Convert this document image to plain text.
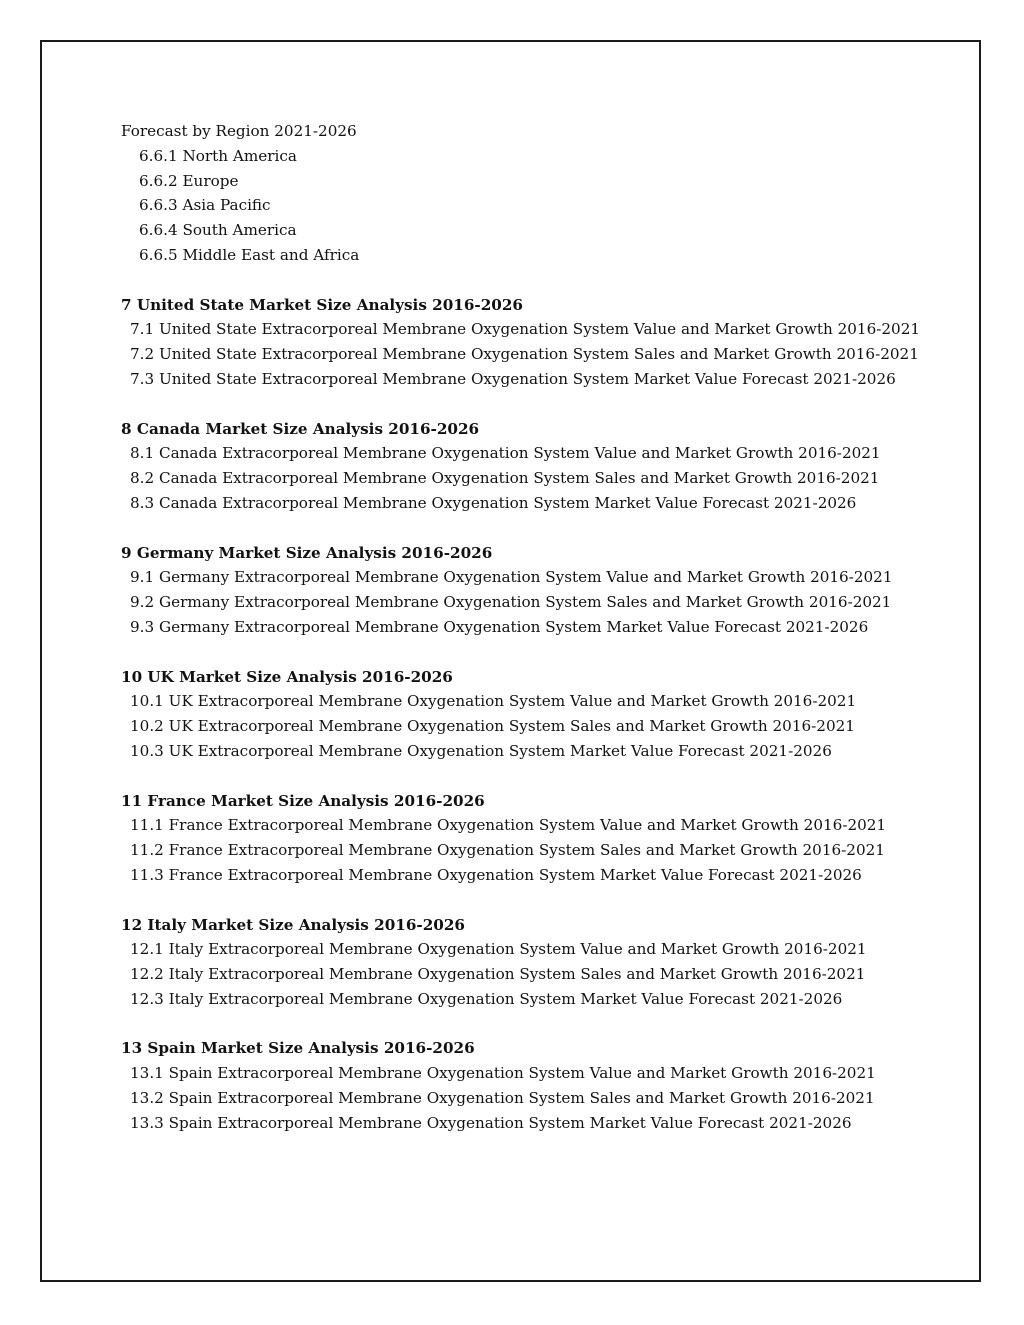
Forecast by Region 2021-2026
6.6.1 North America
6.6.2 Europe
6.6.3 Asia Pacific
6.6.4 South America
6.6.5 Middle East and Africa
7 United State Market Size Analysis 2016-2026
7.1 United State Extracorporeal Membrane Oxygenation System Value and Market Growth 2016-2021
7.2 United State Extracorporeal Membrane Oxygenation System Sales and Market Growth 2016-2021
7.3 United State Extracorporeal Membrane Oxygenation System Market Value Forecast 2021-2026
8 Canada Market Size Analysis 2016-2026
8.1 Canada Extracorporeal Membrane Oxygenation System Value and Market Growth 2016-2021
8.2 Canada Extracorporeal Membrane Oxygenation System Sales and Market Growth 2016-2021
8.3 Canada Extracorporeal Membrane Oxygenation System Market Value Forecast 2021-2026
9 Germany Market Size Analysis 2016-2026
9.1 Germany Extracorporeal Membrane Oxygenation System Value and Market Growth 2016-2021
9.2 Germany Extracorporeal Membrane Oxygenation System Sales and Market Growth 2016-2021
9.3 Germany Extracorporeal Membrane Oxygenation System Market Value Forecast 2021-2026
10 UK Market Size Analysis 2016-2026
10.1 UK Extracorporeal Membrane Oxygenation System Value and Market Growth 2016-2021
10.2 UK Extracorporeal Membrane Oxygenation System Sales and Market Growth 2016-2021
10.3 UK Extracorporeal Membrane Oxygenation System Market Value Forecast 2021-2026
11 France Market Size Analysis 2016-2026
11.1 France Extracorporeal Membrane Oxygenation System Value and Market Growth 2016-2021
11.2 France Extracorporeal Membrane Oxygenation System Sales and Market Growth 2016-2021
11.3 France Extracorporeal Membrane Oxygenation System Market Value Forecast 2021-2026
12 Italy Market Size Analysis 2016-2026
12.1 Italy Extracorporeal Membrane Oxygenation System Value and Market Growth 2016-2021
12.2 Italy Extracorporeal Membrane Oxygenation System Sales and Market Growth 2016-2021
12.3 Italy Extracorporeal Membrane Oxygenation System Market Value Forecast 2021-2026
13 Spain Market Size Analysis 2016-2026
13.1 Spain Extracorporeal Membrane Oxygenation System Value and Market Growth 2016-2021
13.2 Spain Extracorporeal Membrane Oxygenation System Sales and Market Growth 2016-2021
13.3 Spain Extracorporeal Membrane Oxygenation System Market Value Forecast 2021-2026
